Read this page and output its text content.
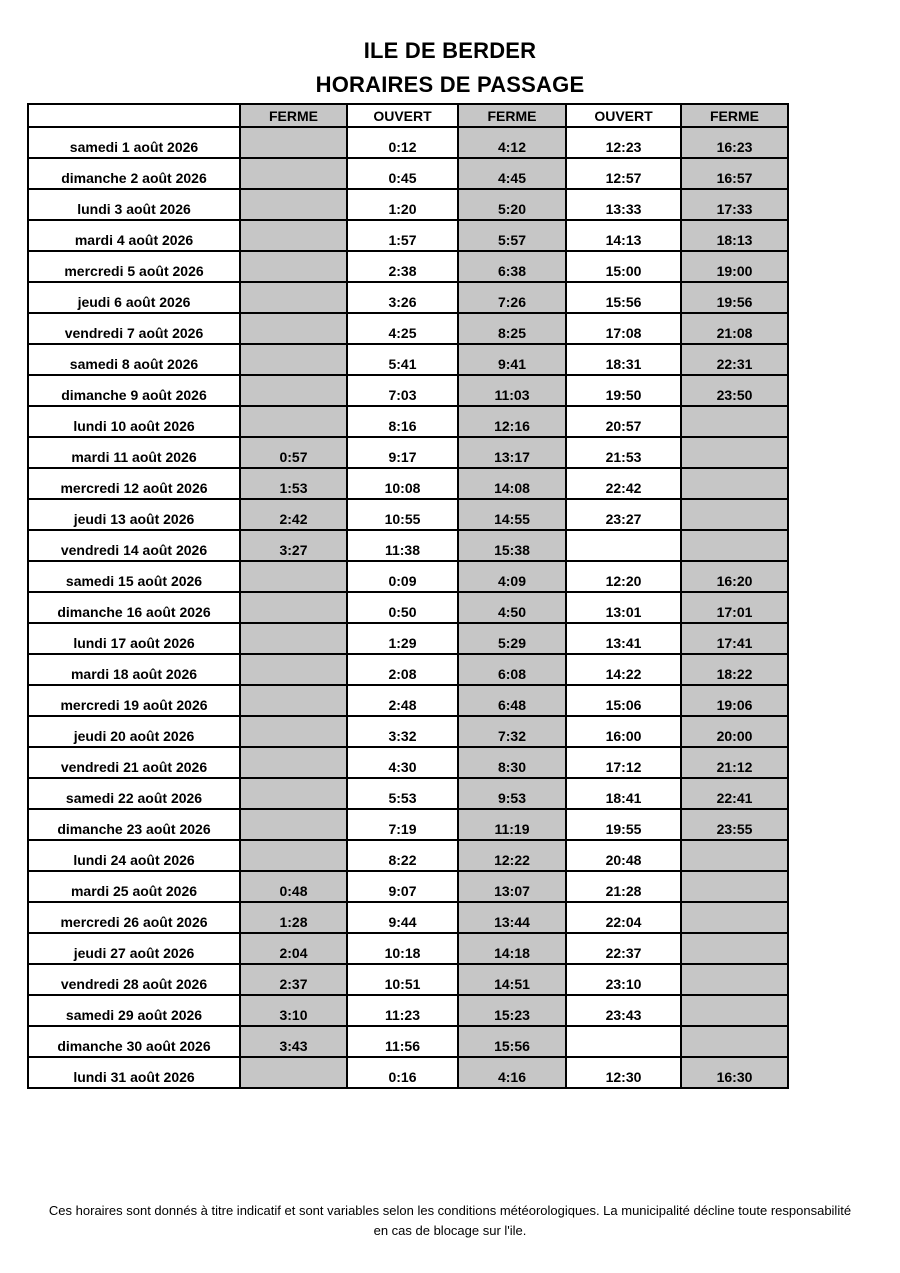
ILE DE BERDER
HORAIRES DE PASSAGE
	FERME	OUVERT	FERME	OUVERT	FERME
samedi 1 août 2026		0:12	4:12	12:23	16:23
dimanche 2 août 2026		0:45	4:45	12:57	16:57
lundi 3 août 2026		1:20	5:20	13:33	17:33
mardi 4 août 2026		1:57	5:57	14:13	18:13
mercredi 5 août 2026		2:38	6:38	15:00	19:00
jeudi 6 août 2026		3:26	7:26	15:56	19:56
vendredi 7 août 2026		4:25	8:25	17:08	21:08
samedi 8 août 2026		5:41	9:41	18:31	22:31
dimanche 9 août 2026		7:03	11:03	19:50	23:50
lundi 10 août 2026		8:16	12:16	20:57	
mardi 11 août 2026	0:57	9:17	13:17	21:53	
mercredi 12 août 2026	1:53	10:08	14:08	22:42	
jeudi 13 août 2026	2:42	10:55	14:55	23:27	
vendredi 14 août 2026	3:27	11:38	15:38		
samedi 15 août 2026		0:09	4:09	12:20	16:20
dimanche 16 août 2026		0:50	4:50	13:01	17:01
lundi 17 août 2026		1:29	5:29	13:41	17:41
mardi 18 août 2026		2:08	6:08	14:22	18:22
mercredi 19 août 2026		2:48	6:48	15:06	19:06
jeudi 20 août 2026		3:32	7:32	16:00	20:00
vendredi 21 août 2026		4:30	8:30	17:12	21:12
samedi 22 août 2026		5:53	9:53	18:41	22:41
dimanche 23 août 2026		7:19	11:19	19:55	23:55
lundi 24 août 2026		8:22	12:22	20:48	
mardi 25 août 2026	0:48	9:07	13:07	21:28	
mercredi 26 août 2026	1:28	9:44	13:44	22:04	
jeudi 27 août 2026	2:04	10:18	14:18	22:37	
vendredi 28 août 2026	2:37	10:51	14:51	23:10	
samedi 29 août 2026	3:10	11:23	15:23	23:43	
dimanche 30 août 2026	3:43	11:56	15:56		
lundi 31 août 2026		0:16	4:16	12:30	16:30
Ces horaires sont donnés à titre indicatif et sont variables selon les conditions météorologiques. La municipalité décline toute responsabilité en cas de blocage sur l'ile.
